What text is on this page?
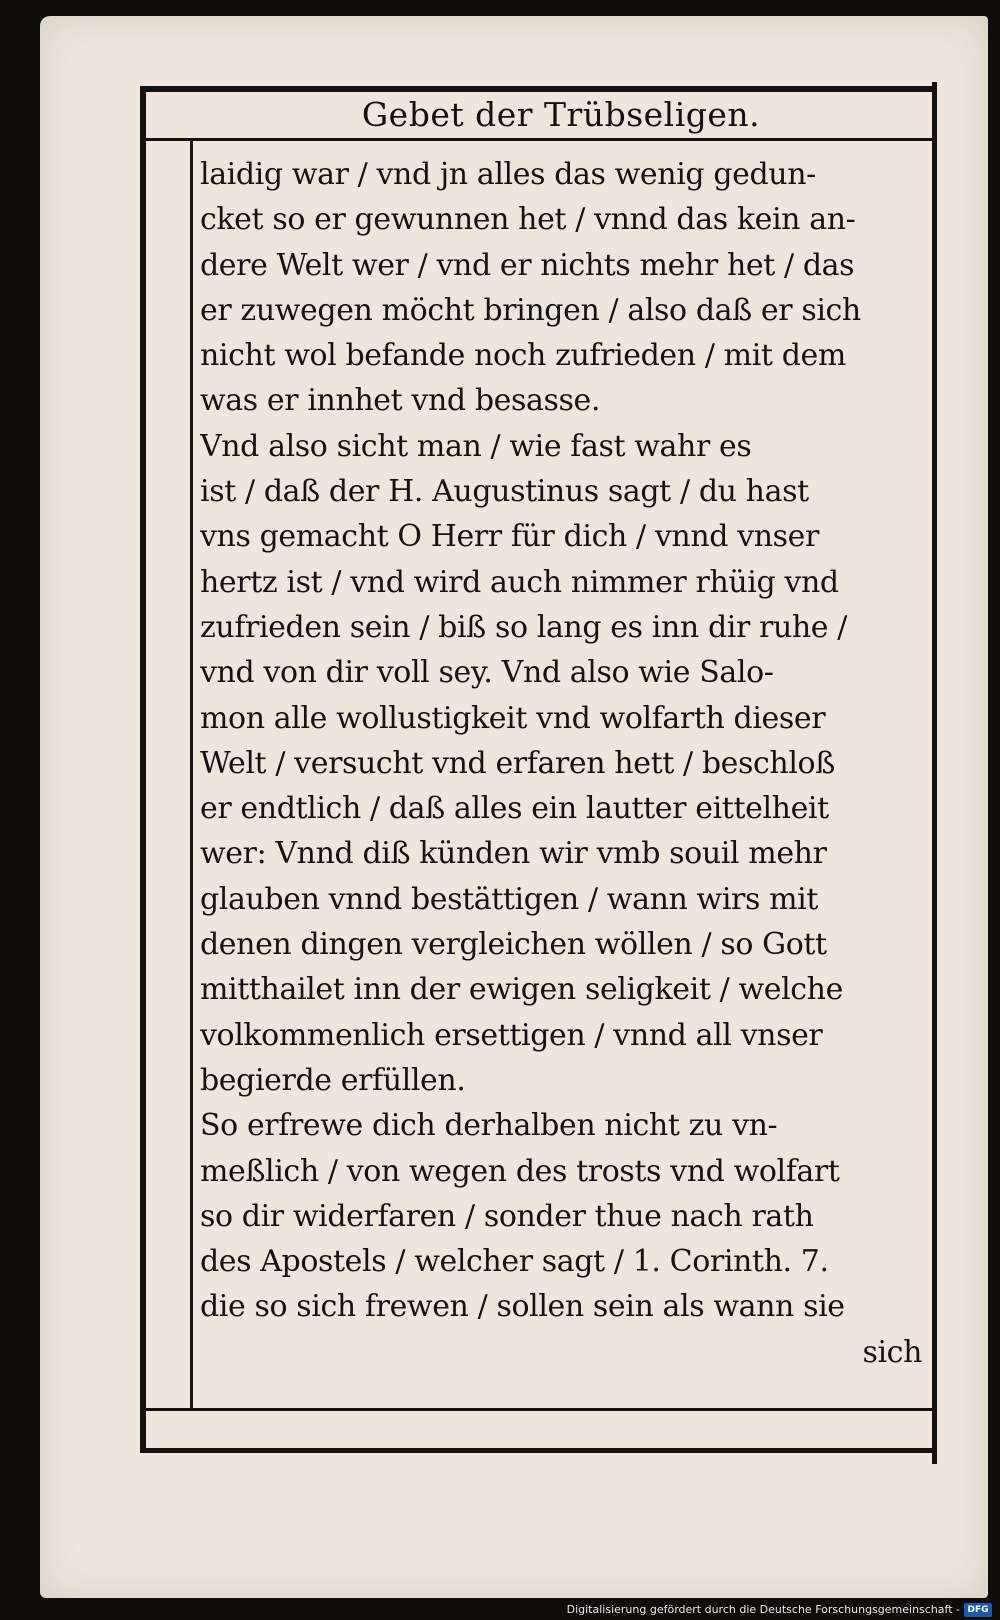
Gebet der Trübseligen.
laidig war / vnd jn alles das wenig gedun-
cket so er gewunnen het / vnnd das kein an-
dere Welt wer / vnd er nichts mehr het / das
er zuwegen möcht bringen / also daß er sich
nicht wol befande noch zufrieden / mit dem
was er innhet vnd besasse.
Vnd also sicht man / wie fast wahr es
ist / daß der H. Augustinus sagt / du hast
vns gemacht O Herr für dich / vnnd vnser
hertz ist / vnd wird auch nimmer rhüig vnd
zufrieden sein / biß so lang es inn dir ruhe /
vnd von dir voll sey. Vnd also wie Salo-
mon alle wollustigkeit vnd wolfarth dieser
Welt / versucht vnd erfaren hett / beschloß
er endtlich / daß alles ein lautter eittelheit
wer: Vnnd diß künden wir vmb souil mehr
glauben vnnd bestättigen / wann wirs mit
denen dingen vergleichen wöllen / so Gott
mitthailet inn der ewigen seligkeit / welche
volkommenlich ersettigen / vnnd all vnser
begierde erfüllen.
So erfrewe dich derhalben nicht zu vn-
meßlich / von wegen des trosts vnd wolfart
so dir widerfaren / sonder thue nach rath
des Apostels / welcher sagt / 1. Corinth. 7.
die so sich frewen / sollen sein als wann sie
sich
Digitalisierung gefördert durch die Deutsche Forschungsgemeinschaft - DFG
